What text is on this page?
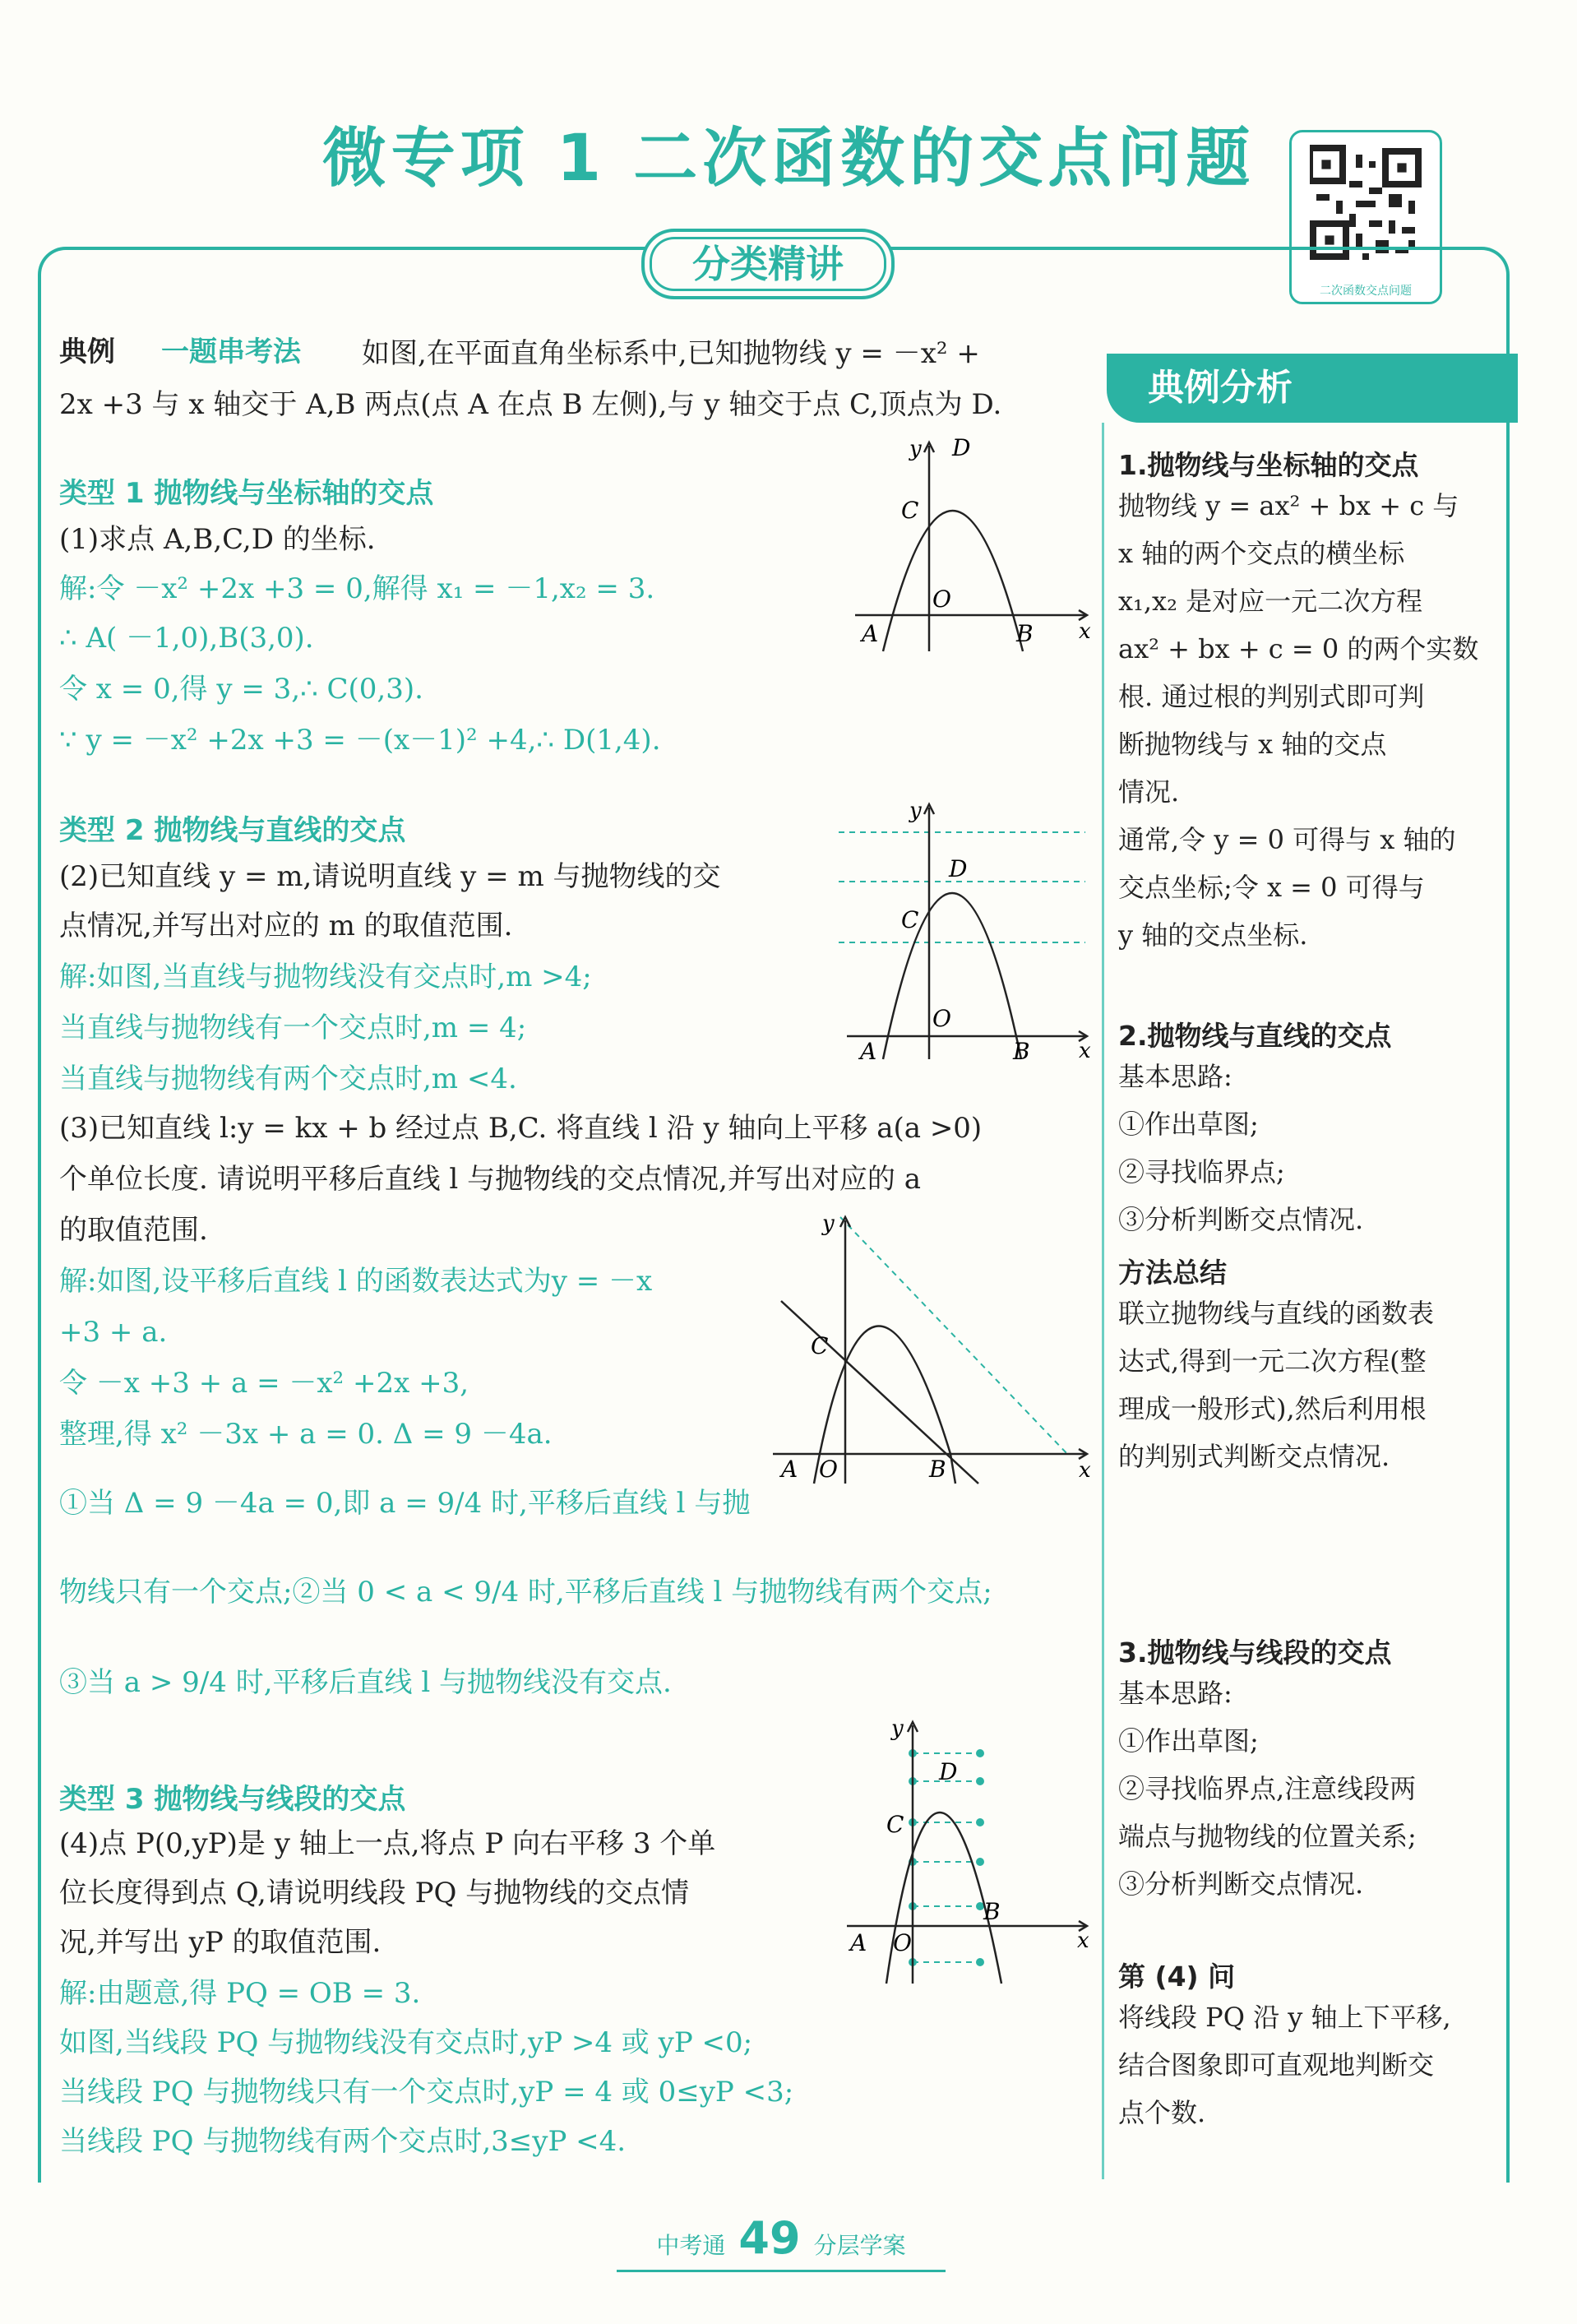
微专项 1 二次函数的交点问题
二次函数交点问题
分类精讲
典例分析
典例 一题串考法 如图,在平面直角坐标系中,已知抛物线 y = －x² +
2x +3 与 x 轴交于 A,B 两点(点 A 在点 B 左侧),与 y 轴交于点 C,顶点为 D.
类型 1 抛物线与坐标轴的交点
(1)求点 A,B,C,D 的坐标.
解:令 －x² +2x +3 = 0,解得 x₁ = －1,x₂ = 3.
∴ A( －1,0),B(3,0).
令 x = 0,得 y = 3,∴ C(0,3).
∵ y = －x² +2x +3 = －(x－1)² +4,∴ D(1,4).
x
y
O
A	B
C
D
类型 2 抛物线与直线的交点
(2)已知直线 y = m,请说明直线 y = m 与抛物线的交
点情况,并写出对应的 m 的取值范围.
解:如图,当直线与抛物线没有交点时,m >4;
当直线与抛物线有一个交点时,m = 4;
当直线与抛物线有两个交点时,m <4.
x
y
O
A	B
C
D
(3)已知直线 l:y = kx + b 经过点 B,C. 将直线 l 沿 y 轴向上平移 a(a >0)
个单位长度. 请说明平移后直线 l 与抛物线的交点情况,并写出对应的 a
的取值范围.
解:如图,设平移后直线 l 的函数表达式为y = －x
+3 + a.
令 －x +3 + a = －x² +2x +3,
整理,得 x² －3x + a = 0. Δ = 9 －4a.
①当 Δ = 9 －4a = 0,即 a = 9/4 时,平移后直线 l 与抛
物线只有一个交点;②当 0 < a < 9/4 时,平移后直线 l 与抛物线有两个交点;
③当 a > 9/4 时,平移后直线 l 与抛物线没有交点.
x
y
O
A	B
C
类型 3 抛物线与线段的交点
(4)点 P(0,yP)是 y 轴上一点,将点 P 向右平移 3 个单
位长度得到点 Q,请说明线段 PQ 与抛物线的交点情
况,并写出 yP 的取值范围.
解:由题意,得 PQ = OB = 3.
如图,当线段 PQ 与抛物线没有交点时,yP >4 或 yP <0;
当线段 PQ 与抛物线只有一个交点时,yP = 4 或 0≤yP <3;
当线段 PQ 与抛物线有两个交点时,3≤yP <4.
x
y
O
A
B
C
D
1.抛物线与坐标轴的交点
抛物线 y = ax² + bx + c 与
x 轴的两个交点的横坐标
x₁,x₂ 是对应一元二次方程
ax² + bx + c = 0 的两个实数
根. 通过根的判别式即可判
断抛物线与 x 轴的交点
情况.
通常,令 y = 0 可得与 x 轴的
交点坐标;令 x = 0 可得与
y 轴的交点坐标.
2.抛物线与直线的交点
基本思路:
①作出草图;
②寻找临界点;
③分析判断交点情况.
方法总结
联立抛物线与直线的函数表
达式,得到一元二次方程(整
理成一般形式),然后利用根
的判别式判断交点情况.
3.抛物线与线段的交点
基本思路:
①作出草图;
②寻找临界点,注意线段两
端点与抛物线的位置关系;
③分析判断交点情况.
第 (4) 问
将线段 PQ 沿 y 轴上下平移,
结合图象即可直观地判断交
点个数.
中考通 49 分层学案
